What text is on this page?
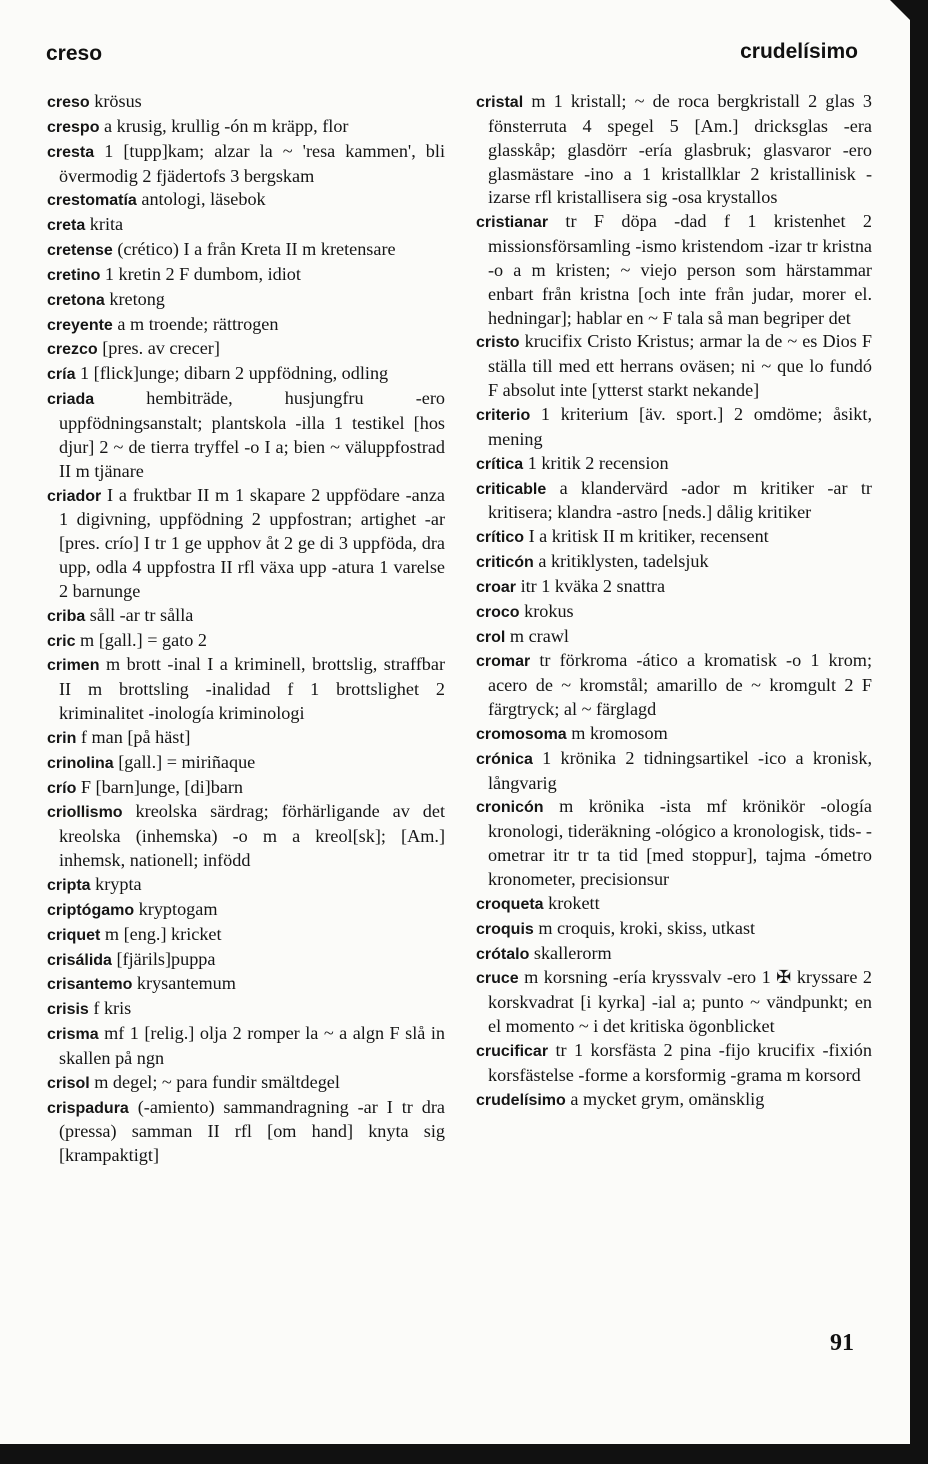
creso	crudelísimo

creso krösus

crespo a krusig, krullig -ón m kräpp, flor

cresta 1 [tupp]kam; alzar la ~ 'resa kammen', bli övermodig 2 fjädertofs 3 bergskam

crestomatía antologi, läsebok

creta krita

cretense (crético) I a från Kreta II m kretensare

cretino 1 kretin 2 F dumbom, idiot

cretona kretong

creyente a m troende; rättrogen

crezco [pres. av crecer]

cría 1 [flick]unge; dibarn 2 uppfödning, odling

criada hembiträde, husjungfru -ero uppfödningsanstalt; plantskola -illa 1 testikel [hos djur] 2 ~ de tierra tryffel -o I a; bien ~ väluppfostrad II m tjänare

criador I a fruktbar II m 1 skapare 2 uppfödare -anza 1 digivning, uppfödning 2 uppfostran; artighet -ar [pres. crío] I tr 1 ge upphov åt 2 ge di 3 uppföda, dra upp, odla 4 uppfostra II rfl växa upp -atura 1 varelse 2 barnunge

criba såll -ar tr sålla

cric m [gall.] = gato 2

crimen m brott -inal I a kriminell, brottslig, straffbar II m brottsling -inalidad f 1 brottslighet 2 kriminalitet -inología kriminologi

crin f man [på häst]

crinolina [gall.] = miriñaque

crío F [barn]unge, [di]barn

criollismo kreolska särdrag; förhärligande av det kreolska (inhemska) -o m a kreol[sk]; [Am.] inhemsk, nationell; infödd

cripta krypta

criptógamo kryptogam

criquet m [eng.] kricket

crisálida [fjärils]puppa

crisantemo krysantemum

crisis f kris

crisma mf 1 [relig.] olja 2 romper la ~ a algn F slå in skallen på ngn

crisol m degel; ~ para fundir smältdegel

crispadura (-amiento) sammandragning -ar I tr dra (pressa) samman II rfl [om hand] knyta sig [krampaktigt]

cristal m 1 kristall; ~ de roca bergkristall 2 glas 3 fönsterruta 4 spegel 5 [Am.] dricksglas -era glasskåp; glasdörr -ería glasbruk; glasvaror -ero glasmästare -ino a 1 kristallklar 2 kristallinisk -izarse rfl kristallisera sig -osa krystallos

cristianar tr F döpa -dad f 1 kristenhet 2 missionsförsamling -ismo kristendom -izar tr kristna -o a m kristen; ~ viejo person som härstammar enbart från kristna [och inte från judar, morer el. hedningar]; hablar en ~ F tala så man begriper det

cristo krucifix Cristo Kristus; armar la de ~ es Dios F ställa till med ett herrans oväsen; ni ~ que lo fundó F absolut inte [ytterst starkt nekande]

criterio 1 kriterium [äv. sport.] 2 omdöme; åsikt, mening

crítica 1 kritik 2 recension

criticable a klandervärd -ador m kritiker -ar tr kritisera; klandra -astro [neds.] dålig kritiker

crítico I a kritisk II m kritiker, recensent

criticón a kritiklysten, tadelsjuk

croar itr 1 kväka 2 snattra

croco krokus

crol m crawl

cromar tr förkroma -ático a kromatisk -o 1 krom; acero de ~ kromstål; amarillo de ~ kromgult 2 F färgtryck; al ~ färglagd

cromosoma m kromosom

crónica 1 krönika 2 tidningsartikel -ico a kronisk, långvarig

cronicón m krönika -ista mf krönikör -ología kronologi, tideräkning -ológico a kronologisk, tids- -ometrar itr tr ta tid [med stoppur], tajma -ómetro kronometer, precisionsur

croqueta krokett

croquis m croquis, kroki, skiss, utkast

crótalo skallerorm

cruce m korsning -ería kryssvalv -ero 1 ✠ kryssare 2 korskvadrat [i kyrka] -ial a; punto ~ vändpunkt; en el momento ~ i det kritiska ögonblicket

crucificar tr 1 korsfästa 2 pina -fijo krucifix -fixión korsfästelse -forme a korsformig -grama m korsord

crudelísimo a mycket grym, omänsklig

91
